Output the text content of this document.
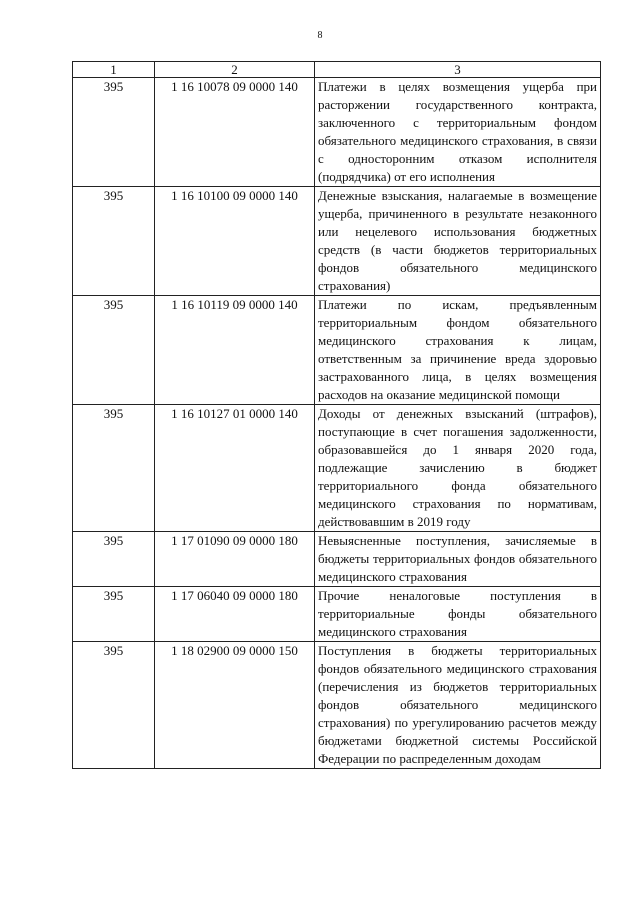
8
1	2	3
395	1 16 10078 09 0000 140	Платежи в целях возмещения ущерба при расторжении государственного контракта, заключенного с территориальным фондом обязательного медицинского страхования, в связи с односторонним отказом исполнителя (подрядчика) от его исполнения
395	1 16 10100 09 0000 140	Денежные взыскания, налагаемые в возмещение ущерба, причиненного в результате незаконного или нецелевого использования бюджетных средств (в части бюджетов территориальных фондов обязательного медицинского страхования)
395	1 16 10119 09 0000 140	Платежи по искам, предъявленным территориальным фондом обязательного медицинского страхования к лицам, ответственным за причинение вреда здоровью застрахованного лица, в целях возмещения расходов на оказание медицинской помощи
395	1 16 10127 01 0000 140	Доходы от денежных взысканий (штрафов), поступающие в счет погашения задолженности, образовавшейся до 1 января 2020 года, подлежащие зачислению в бюджет территориального фонда обязательного медицинского страхования по нормативам, действовавшим в 2019 году
395	1 17 01090 09 0000 180	Невыясненные поступления, зачисляемые в бюджеты территориальных фондов обязательного медицинского страхования
395	1 17 06040 09 0000 180	Прочие неналоговые поступления в территориальные фонды обязательного медицинского страхования
395	1 18 02900 09 0000 150	Поступления в бюджеты территориальных фондов обязательного медицинского страхования (перечисления из бюджетов территориальных фондов обязательного медицинского страхования) по урегулированию расчетов между бюджетами бюджетной системы Российской Федерации по распределенным доходам
